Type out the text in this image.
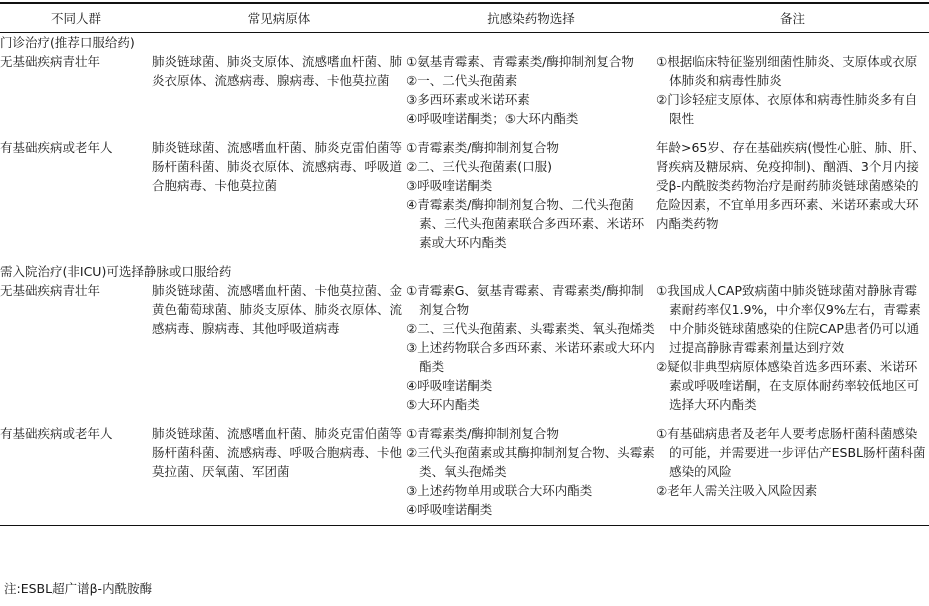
不同人群	常见病原体	抗感染药物选择	备注
门诊治疗(推荐口服给药)			
无基础疾病青壮年	肺炎链球菌、肺炎支原体、流感嗜血杆菌、肺炎衣原体、流感病毒、腺病毒、卡他莫拉菌	①氨基青霉素、青霉素类/酶抑制剂复合物
②一、二代头孢菌素
③多西环素或米诺环素
④呼吸喹诺酮类；⑤大环内酯类	①根据临床特征鉴别细菌性肺炎、支原体或衣原体肺炎和病毒性肺炎
②门诊轻症支原体、衣原体和病毒性肺炎多有自限性

有基础疾病或老年人	肺炎链球菌、流感嗜血杆菌、肺炎克雷伯菌等肠杆菌科菌、肺炎衣原体、流感病毒、呼吸道合胞病毒、卡他莫拉菌	①青霉素类/酶抑制剂复合物
②二、三代头孢菌素(口服)
③呼吸喹诺酮类
④青霉素类/酶抑制剂复合物、二代头孢菌素、三代头孢菌素联合多西环素、米诺环素或大环内酯类	年龄>65岁、存在基础疾病(慢性心脏、肺、肝、肾疾病及糖尿病、免疫抑制)、酗酒、3个月内接受β-内酰胺类药物治疗是耐药肺炎链球菌感染的危险因素，不宜单用多西环素、米诺环素或大环内酯类药物

需入院治疗(非ICU)可选择静脉或口服给药			
无基础疾病青壮年	肺炎链球菌、流感嗜血杆菌、卡他莫拉菌、金黄色葡萄球菌、肺炎支原体、肺炎衣原体、流感病毒、腺病毒、其他呼吸道病毒	①青霉素G、氨基青霉素、青霉素类/酶抑制剂复合物
②二、三代头孢菌素、头霉素类、氧头孢烯类
③上述药物联合多西环素、米诺环素或大环内酯类
④呼吸喹诺酮类
⑤大环内酯类	①我国成人CAP致病菌中肺炎链球菌对静脉青霉素耐药率仅1.9%，中介率仅9%左右，青霉素中介肺炎链球菌感染的住院CAP患者仍可以通过提高静脉青霉素剂量达到疗效
②疑似非典型病原体感染首选多西环素、米诺环素或呼吸喹诺酮，在支原体耐药率较低地区可选择大环内酯类

有基础疾病或老年人	肺炎链球菌、流感嗜血杆菌、肺炎克雷伯菌等肠杆菌科菌、流感病毒、呼吸合胞病毒、卡他莫拉菌、厌氧菌、军团菌	①青霉素类/酶抑制剂复合物
②三代头孢菌素或其酶抑制剂复合物、头霉素类、氧头孢烯类
③上述药物单用或联合大环内酯类
④呼吸喹诺酮类	①有基础病患者及老年人要考虑肠杆菌科菌感染的可能，并需要进一步评估产ESBL肠杆菌科菌感染的风险
②老年人需关注吸入风险因素
注:ESBL超广谱β-内酰胺酶
